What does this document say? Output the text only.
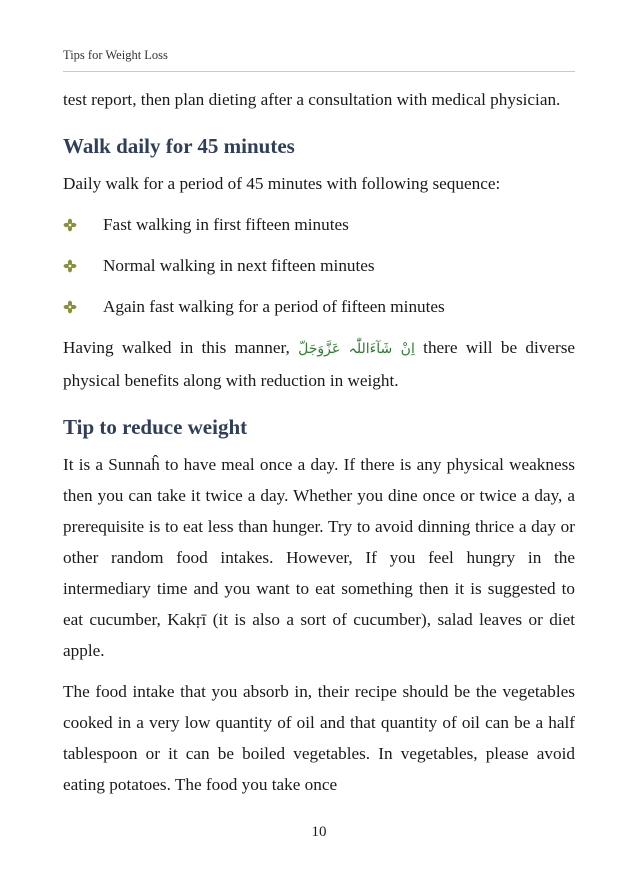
Tips for Weight Loss

test report, then plan dieting after a consultation with medical physician.

Walk daily for 45 minutes

Daily walk for a period of 45 minutes with following sequence:

Fast walking in first fifteen minutes
Normal walking in next fifteen minutes
Again fast walking for a period of fifteen minutes

Having walked in this manner, اِنْ شَآءَاللّٰہ عَزَّوَجَلّ there will be diverse physical benefits along with reduction in weight.

Tip to reduce weight

It is a Sunnaĥ to have meal once a day. If there is any physical weakness then you can take it twice a day. Whether you dine once or twice a day, a prerequisite is to eat less than hunger. Try to avoid dinning thrice a day or other random food intakes. However, If you feel hungry in the intermediary time and you want to eat something then it is suggested to eat cucumber, Kakṛī (it is also a sort of cucumber), salad leaves or diet apple.

The food intake that you absorb in, their recipe should be the vegetables cooked in a very low quantity of oil and that quantity of oil can be a half tablespoon or it can be boiled vegetables. In vegetables, please avoid eating potatoes. The food you take once

10
